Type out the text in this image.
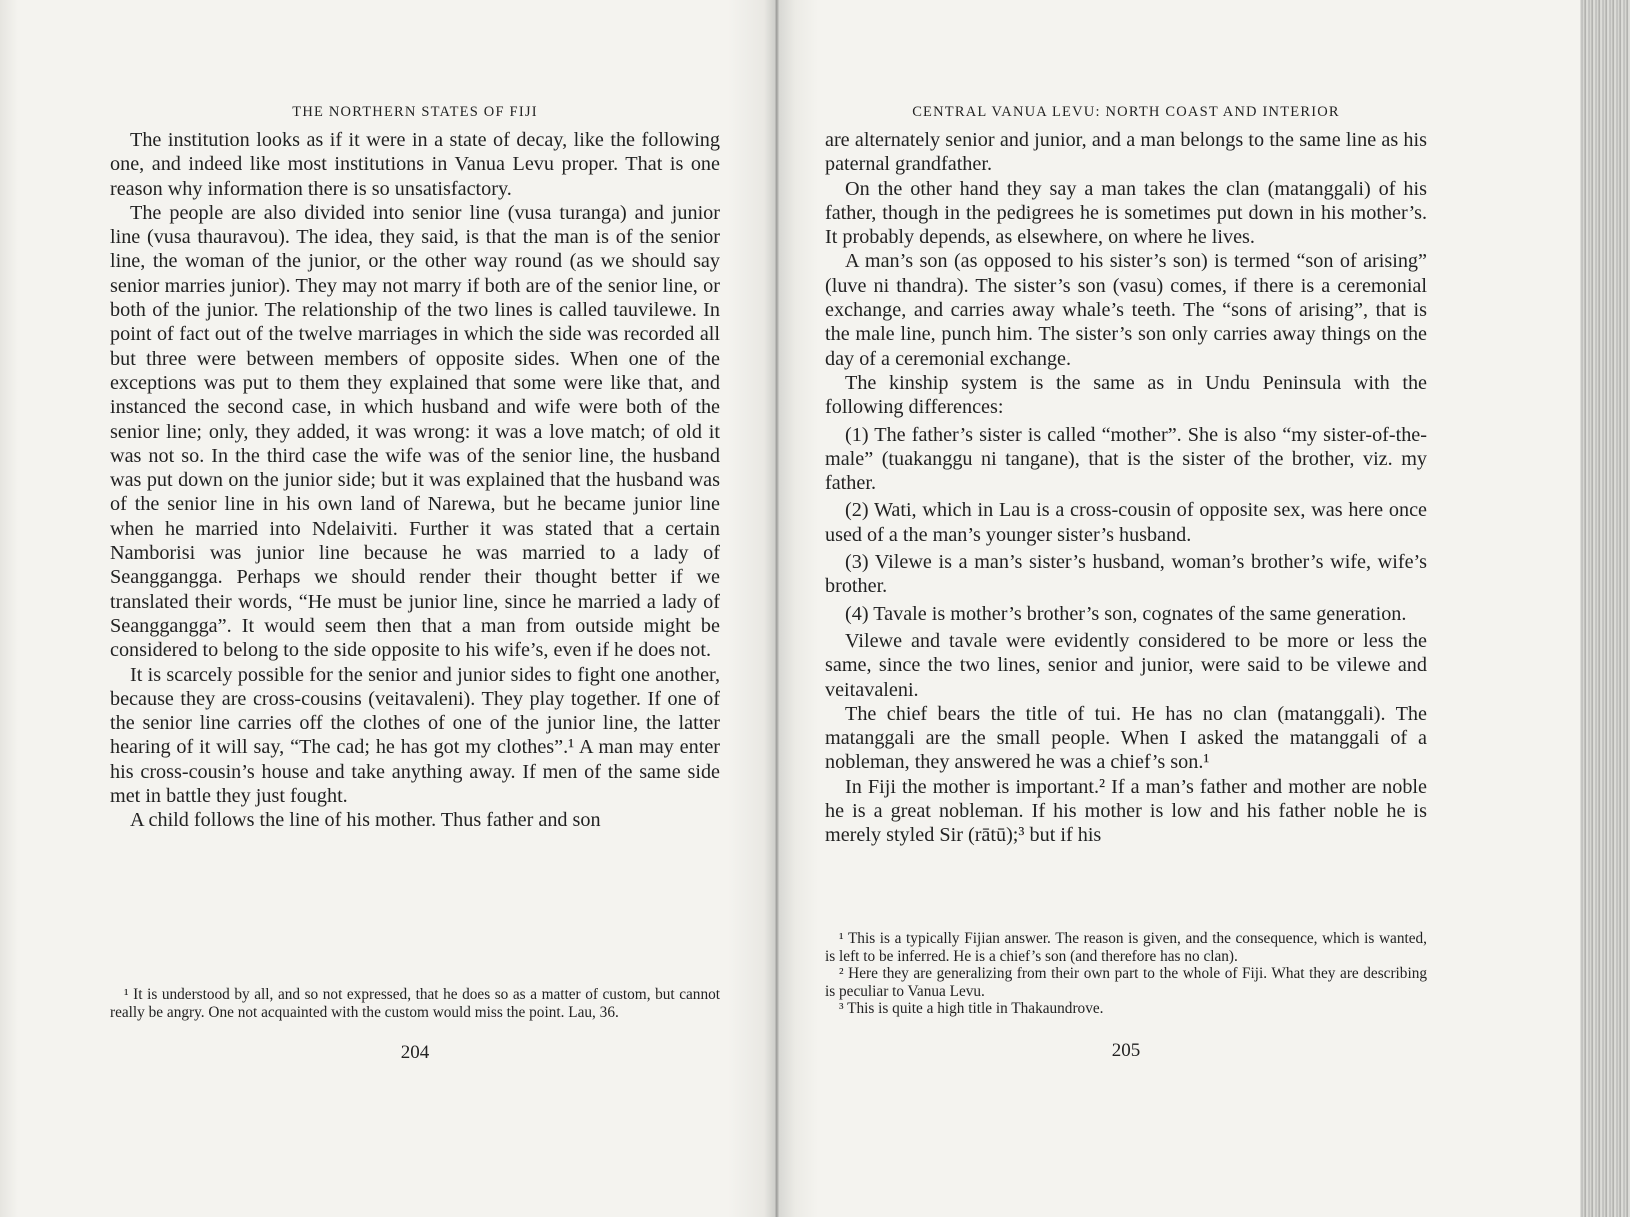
THE NORTHERN STATES OF FIJI

The institution looks as if it were in a state of decay, like the following one, and indeed like most institutions in Vanua Levu proper. That is one reason why information there is so unsatisfactory.

The people are also divided into senior line (vusa turanga) and junior line (vusa thauravou). The idea, they said, is that the man is of the senior line, the woman of the junior, or the other way round (as we should say senior marries junior). They may not marry if both are of the senior line, or both of the junior. The relationship of the two lines is called tauvilewe. In point of fact out of the twelve marriages in which the side was recorded all but three were between members of opposite sides. When one of the exceptions was put to them they explained that some were like that, and instanced the second case, in which husband and wife were both of the senior line; only, they added, it was wrong: it was a love match; of old it was not so. In the third case the wife was of the senior line, the husband was put down on the junior side; but it was explained that the husband was of the senior line in his own land of Narewa, but he became junior line when he married into Ndelaiviti. Further it was stated that a certain Namborisi was junior line because he was married to a lady of Seanggangga. Perhaps we should render their thought better if we translated their words, “He must be junior line, since he married a lady of Seanggangga”. It would seem then that a man from outside might be considered to belong to the side opposite to his wife’s, even if he does not.

It is scarcely possible for the senior and junior sides to fight one another, because they are cross-cousins (veitavaleni). They play together. If one of the senior line carries off the clothes of one of the junior line, the latter hearing of it will say, “The cad; he has got my clothes”.¹ A man may enter his cross-cousin’s house and take anything away. If men of the same side met in battle they just fought.

A child follows the line of his mother. Thus father and son

¹ It is understood by all, and so not expressed, that he does so as a matter of custom, but cannot really be angry. One not acquainted with the custom would miss the point. Lau, 36.

204
CENTRAL VANUA LEVU: NORTH COAST AND INTERIOR

are alternately senior and junior, and a man belongs to the same line as his paternal grandfather.

On the other hand they say a man takes the clan (matanggali) of his father, though in the pedigrees he is sometimes put down in his mother’s. It probably depends, as elsewhere, on where he lives.

A man’s son (as opposed to his sister’s son) is termed “son of arising” (luve ni thandra). The sister’s son (vasu) comes, if there is a ceremonial exchange, and carries away whale’s teeth. The “sons of arising”, that is the male line, punch him. The sister’s son only carries away things on the day of a ceremonial exchange.

The kinship system is the same as in Undu Peninsula with the following differences:

(1) The father’s sister is called “mother”. She is also “my sister-of-the-male” (tuakanggu ni tangane), that is the sister of the brother, viz. my father.

(2) Wati, which in Lau is a cross-cousin of opposite sex, was here once used of a the man’s younger sister’s husband.

(3) Vilewe is a man’s sister’s husband, woman’s brother’s wife, wife’s brother.

(4) Tavale is mother’s brother’s son, cognates of the same generation.

Vilewe and tavale were evidently considered to be more or less the same, since the two lines, senior and junior, were said to be vilewe and veitavaleni.

The chief bears the title of tui. He has no clan (matanggali). The matanggali are the small people. When I asked the matanggali of a nobleman, they answered he was a chief’s son.¹

In Fiji the mother is important.² If a man’s father and mother are noble he is a great nobleman. If his mother is low and his father noble he is merely styled Sir (rātū);³ but if his

¹ This is a typically Fijian answer. The reason is given, and the consequence, which is wanted, is left to be inferred. He is a chief’s son (and therefore has no clan).

² Here they are generalizing from their own part to the whole of Fiji. What they are describing is peculiar to Vanua Levu.

³ This is quite a high title in Thakaundrove.

205
